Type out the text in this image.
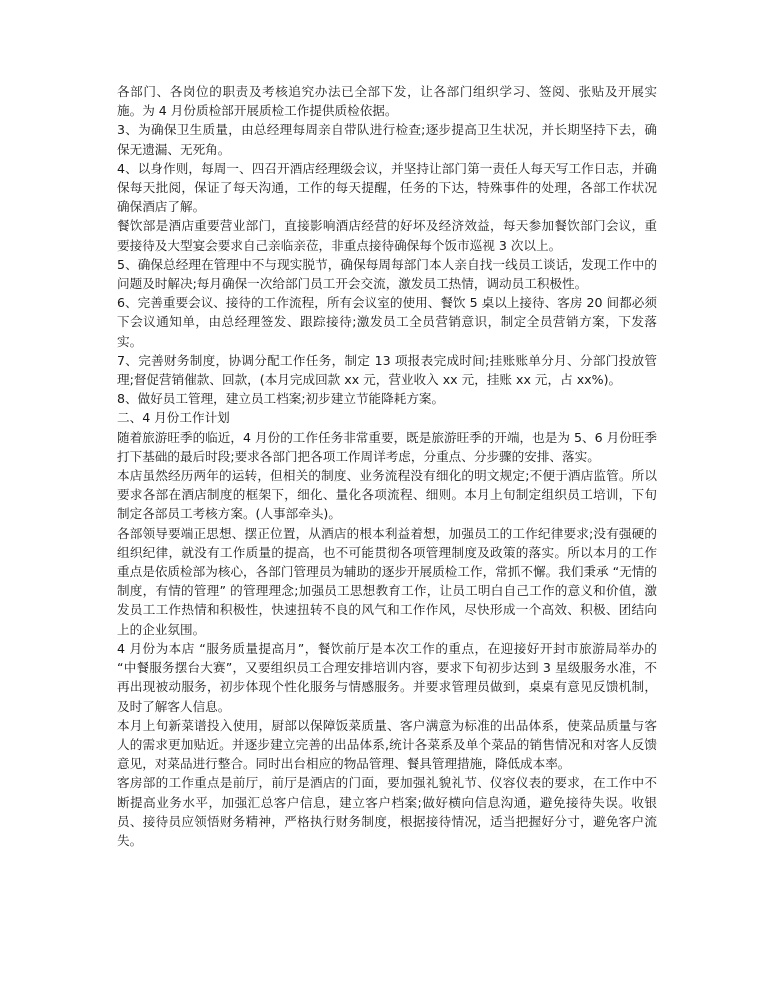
各部门、各岗位的职责及考核追究办法已全部下发，让各部门组织学习、签阅、张贴及开展实施。为 4 月份质检部开展质检工作提供质检依据。

3、为确保卫生质量，由总经理每周亲自带队进行检查;逐步提高卫生状况，并长期坚持下去，确保无遗漏、无死角。

4、以身作则，每周一、四召开酒店经理级会议，并坚持让部门第一责任人每天写工作日志，并确保每天批阅，保证了每天沟通，工作的每天提醒，任务的下达，特殊事件的处理，各部工作状况确保酒店了解。

餐饮部是酒店重要营业部门，直接影响酒店经营的好坏及经济效益，每天参加餐饮部门会议，重要接待及大型宴会要求自己亲临亲莅，非重点接待确保每个饭市巡视 3 次以上。

5、确保总经理在管理中不与现实脱节，确保每周每部门本人亲自找一线员工谈话，发现工作中的问题及时解决;每月确保一次给部门员工开会交流，激发员工热情，调动员工积极性。

6、完善重要会议、接待的工作流程，所有会议室的使用、餐饮 5 桌以上接待、客房 20 间都必须下会议通知单，由总经理签发、跟踪接待;激发员工全员营销意识，制定全员营销方案，下发落实。

7、完善财务制度，协调分配工作任务，制定 13 项报表完成时间;挂账账单分月、分部门投放管理;督促营销催款、回款，(本月完成回款 xx 元，营业收入 xx 元，挂账 xx 元，占 xx%)。

8、做好员工管理，建立员工档案;初步建立节能降耗方案。

二、4 月份工作计划

随着旅游旺季的临近，4 月份的工作任务非常重要，既是旅游旺季的开端，也是为 5、6 月份旺季打下基础的最后时段;要求各部门把各项工作周详考虑，分重点、分步骤的安排、落实。

本店虽然经历两年的运转，但相关的制度、业务流程没有细化的明文规定;不便于酒店监管。所以要求各部在酒店制度的框架下，细化、量化各项流程、细则。本月上旬制定组织员工培训，下旬制定各部员工考核方案。(人事部牵头)。

各部领导要端正思想、摆正位置，从酒店的根本利益着想，加强员工的工作纪律要求;没有强硬的组织纪律，就没有工作质量的提高，也不可能贯彻各项管理制度及政策的落实。所以本月的工作重点是依质检部为核心，各部门管理员为辅助的逐步开展质检工作，常抓不懈。我们秉承 “无情的制度，有情的管理” 的管理理念;加强员工思想教育工作，让员工明白自己工作的意义和价值，激发员工工作热情和积极性，快速扭转不良的风气和工作作风，尽快形成一个高效、积极、团结向上的企业氛围。

4 月份为本店 “服务质量提高月”，餐饮前厅是本次工作的重点，在迎接好开封市旅游局举办的 “中餐服务摆台大赛”，又要组织员工合理安排培训内容，要求下旬初步达到 3 星级服务水准，不再出现被动服务，初步体现个性化服务与情感服务。并要求管理员做到，桌桌有意见反馈机制，及时了解客人信息。

本月上旬新菜谱投入使用，厨部以保障饭菜质量、客户满意为标准的出品体系，使菜品质量与客人的需求更加贴近。并逐步建立完善的出品体系,统计各菜系及单个菜品的销售情况和对客人反馈意见，对菜品进行整合。同时出台相应的物品管理、餐具管理措施，降低成本率。

客房部的工作重点是前厅，前厅是酒店的门面，要加强礼貌礼节、仪容仪表的要求，在工作中不断提高业务水平，加强汇总客户信息，建立客户档案;做好横向信息沟通，避免接待失误。收银员、接待员应领悟财务精神，严格执行财务制度，根据接待情况，适当把握好分寸，避免客户流失。
